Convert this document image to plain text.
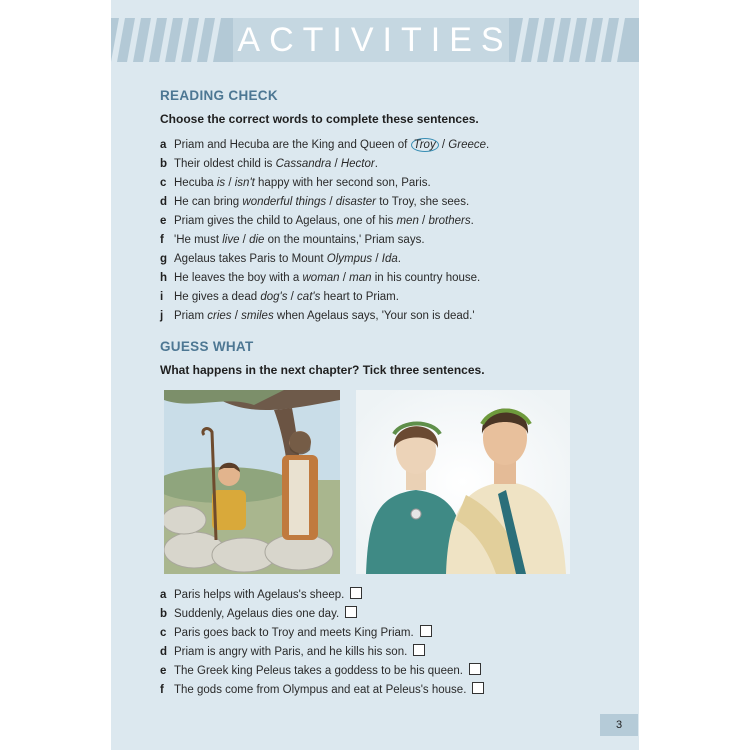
ACTIVITIES
READING CHECK
Choose the correct words to complete these sentences.
a Priam and Hecuba are the King and Queen of Troy / Greece.
b Their oldest child is Cassandra / Hector.
c Hecuba is / isn't happy with her second son, Paris.
d He can bring wonderful things / disaster to Troy, she sees.
e Priam gives the child to Agelaus, one of his men / brothers.
f 'He must live / die on the mountains,' Priam says.
g Agelaus takes Paris to Mount Olympus / Ida.
h He leaves the boy with a woman / man in his country house.
i He gives a dead dog's / cat's heart to Priam.
j Priam cries / smiles when Agelaus says, 'Your son is dead.'
GUESS WHAT
What happens in the next chapter? Tick three sentences.
a Paris helps with Agelaus's sheep.
b Suddenly, Agelaus dies one day.
c Paris goes back to Troy and meets King Priam.
d Priam is angry with Paris, and he kills his son.
e The Greek king Peleus takes a goddess to be his queen.
f The gods come from Olympus and eat at Peleus's house.
3
